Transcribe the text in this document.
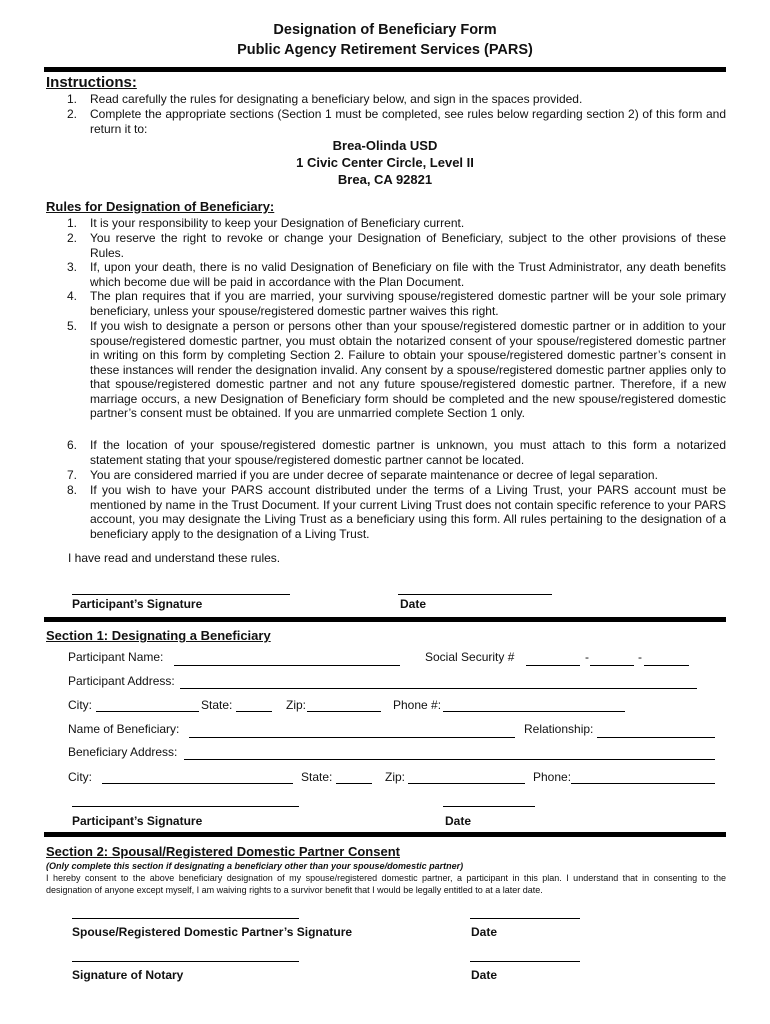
Designation of Beneficiary Form
Public Agency Retirement Services (PARS)
Instructions:
1. Read carefully the rules for designating a beneficiary below, and sign in the spaces provided.
2. Complete the appropriate sections (Section 1 must be completed, see rules below regarding section 2) of this form and return it to:
Brea-Olinda USD
1 Civic Center Circle, Level II
Brea, CA 92821
Rules for Designation of Beneficiary:
1. It is your responsibility to keep your Designation of Beneficiary current.
2. You reserve the right to revoke or change your Designation of Beneficiary, subject to the other provisions of these Rules.
3. If, upon your death, there is no valid Designation of Beneficiary on file with the Trust Administrator, any death benefits which become due will be paid in accordance with the Plan Document.
4. The plan requires that if you are married, your surviving spouse/registered domestic partner will be your sole primary beneficiary, unless your spouse/registered domestic partner waives this right.
5. If you wish to designate a person or persons other than your spouse/registered domestic partner or in addition to your spouse/registered domestic partner, you must obtain the notarized consent of your spouse/registered domestic partner in writing on this form by completing Section 2. Failure to obtain your spouse/registered domestic partner’s consent in these instances will render the designation invalid. Any consent by a spouse/registered domestic partner applies only to that spouse/registered domestic partner and not any future spouse/registered domestic partner. Therefore, if a new marriage occurs, a new Designation of Beneficiary form should be completed and the new spouse/registered domestic partner’s consent must be obtained. If you are unmarried complete Section 1 only.
6. If the location of your spouse/registered domestic partner is unknown, you must attach to this form a notarized statement stating that your spouse/registered domestic partner cannot be located.
7. You are considered married if you are under decree of separate maintenance or decree of legal separation.
8. If you wish to have your PARS account distributed under the terms of a Living Trust, your PARS account must be mentioned by name in the Trust Document. If your current Living Trust does not contain specific reference to your PARS account, you may designate the Living Trust as a beneficiary using this form. All rules pertaining to the designation of a beneficiary apply to the designation of a Living Trust.
I have read and understand these rules.
Participant’s Signature	Date
Section 1: Designating a Beneficiary
Participant Name:	Social Security #	-	-
Participant Address:
City:	State:	Zip:	Phone #:
Name of Beneficiary:	Relationship:
Beneficiary Address:
City:	State:	Zip:	Phone:
Participant’s Signature	Date
Section 2: Spousal/Registered Domestic Partner Consent
(Only complete this section if designating a beneficiary other than your spouse/domestic partner)
I hereby consent to the above beneficiary designation of my spouse/registered domestic partner, a participant in this plan. I understand that in consenting to the designation of anyone except myself, I am waiving rights to a survivor benefit that I would be legally entitled to at a later date.
Spouse/Registered Domestic Partner’s Signature	Date
Signature of Notary	Date
